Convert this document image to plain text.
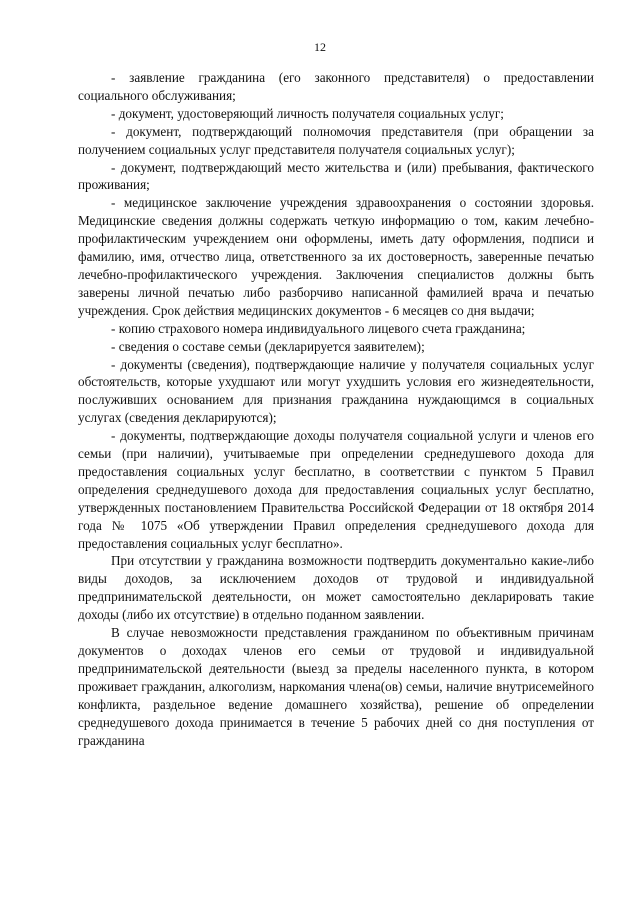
12

- заявление гражданина (его законного представителя) о предоставлении социального обслуживания;

- документ, удостоверяющий личность получателя социальных услуг;

- документ, подтверждающий полномочия представителя (при обращении за получением социальных услуг представителя получателя социальных услуг);

- документ, подтверждающий место жительства и (или) пребывания, фактического проживания;

- медицинское заключение учреждения здравоохранения о состоянии здоровья. Медицинские сведения должны содержать четкую информацию о том, каким лечебно-профилактическим учреждением они оформлены, иметь дату оформления, подписи и фамилию, имя, отчество лица, ответственного за их достоверность, заверенные печатью лечебно-профилактического учреждения. Заключения специалистов должны быть заверены личной печатью либо разборчиво написанной фамилией врача и печатью учреждения. Срок действия медицинских документов - 6 месяцев со дня выдачи;

- копию страхового номера индивидуального лицевого счета гражданина;

- сведения о составе семьи (декларируется заявителем);

- документы (сведения), подтверждающие наличие у получателя социальных услуг обстоятельств, которые ухудшают или могут ухудшить условия его жизнедеятельности, послуживших основанием для признания гражданина нуждающимся в социальных услугах (сведения декларируются);

- документы, подтверждающие доходы получателя социальной услуги и членов его семьи (при наличии), учитываемые при определении среднедушевого дохода для предоставления социальных услуг бесплатно, в соответствии с пунктом 5 Правил определения среднедушевого дохода для предоставления социальных услуг бесплатно, утвержденных постановлением Правительства Российской Федерации от 18 октября 2014 года № 1075 «Об утверждении Правил определения среднедушевого дохода для предоставления социальных услуг бесплатно».

При отсутствии у гражданина возможности подтвердить документально какие-либо виды доходов, за исключением доходов от трудовой и индивидуальной предпринимательской деятельности, он может самостоятельно декларировать такие доходы (либо их отсутствие) в отдельно поданном заявлении.

В случае невозможности представления гражданином по объективным причинам документов о доходах членов его семьи от трудовой и индивидуальной предпринимательской деятельности (выезд за пределы населенного пункта, в котором проживает гражданин, алкоголизм, наркомания члена(ов) семьи, наличие внутрисемейного конфликта, раздельное ведение домашнего хозяйства), решение об определении среднедушевого дохода принимается в течение 5 рабочих дней со дня поступления от гражданина
